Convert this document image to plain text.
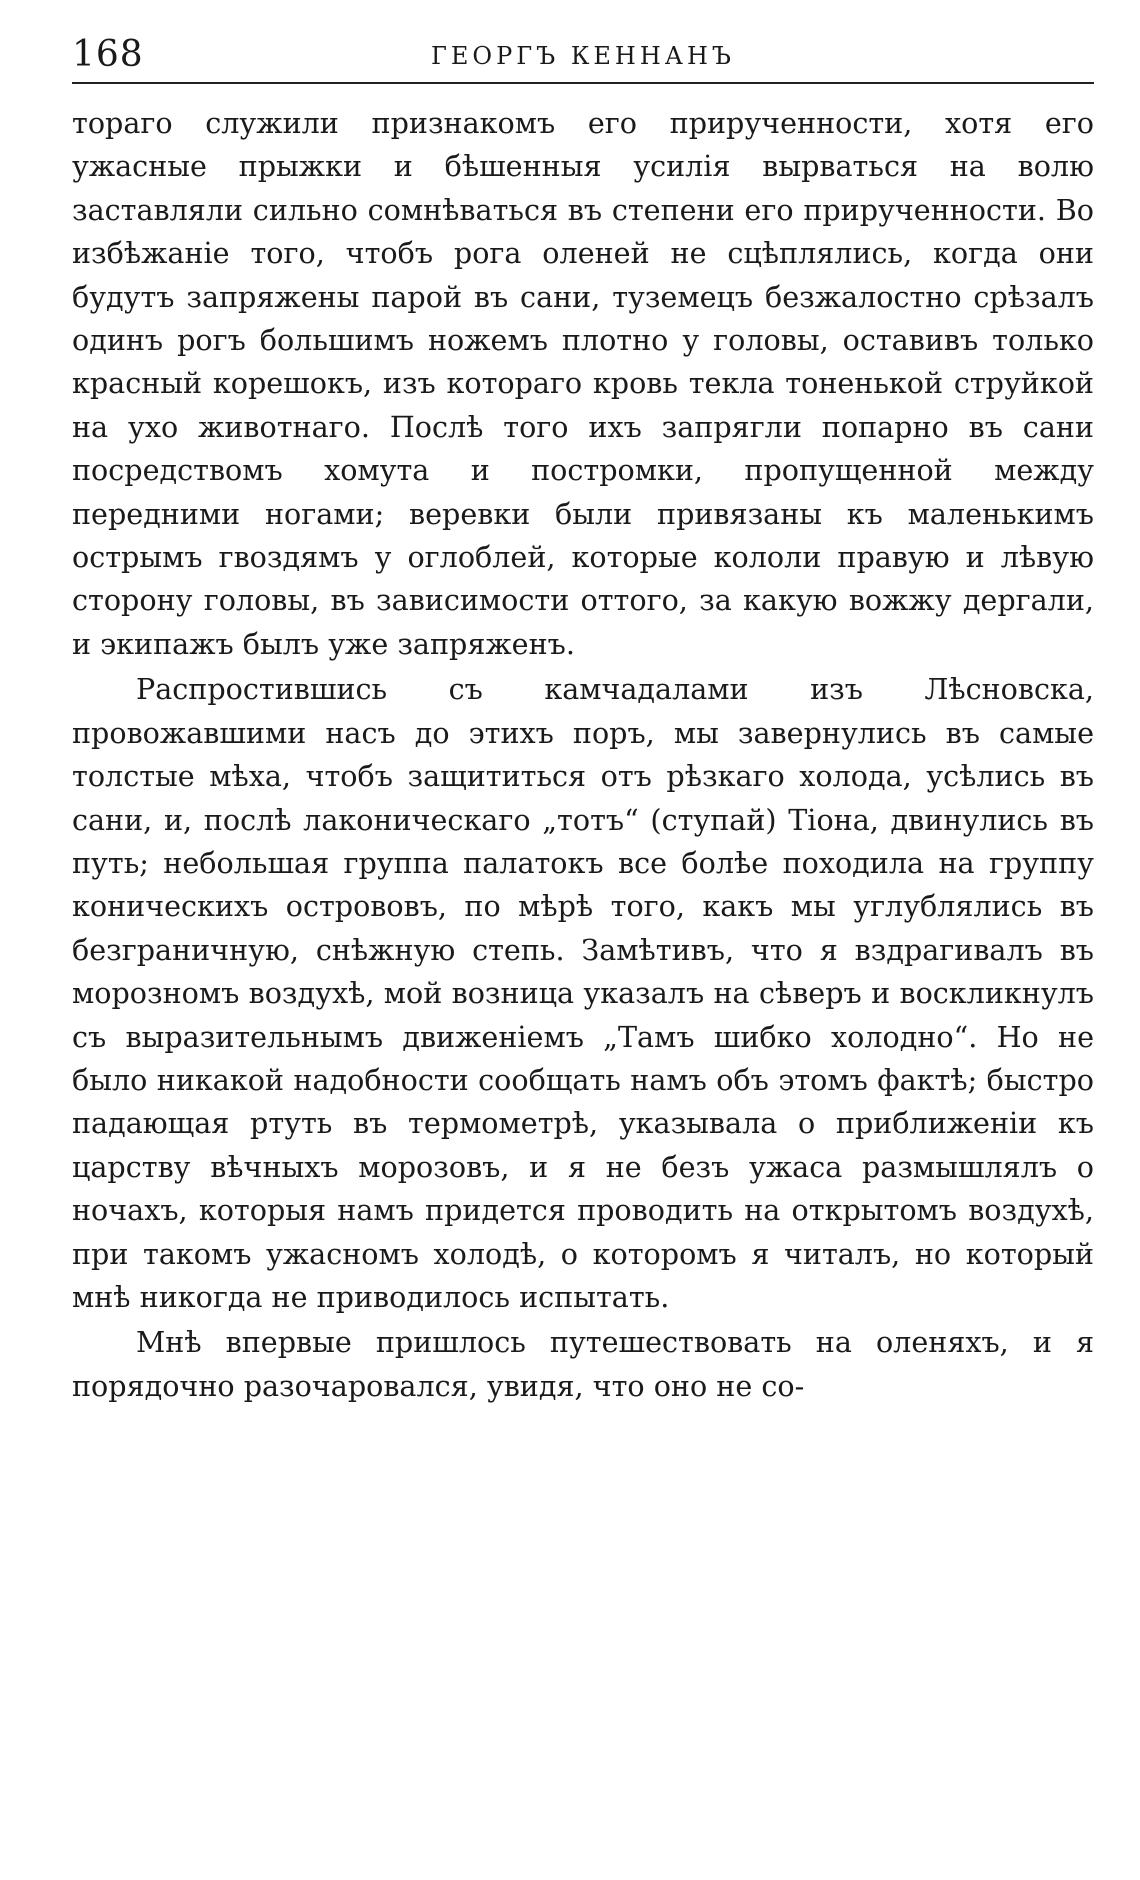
168	ГЕОРГЪ КЕННАНЪ

тораго служили признакомъ его прирученности, хотя его ужасные прыжки и бѣшенныя усилія вырваться на волю заставляли сильно сомнѣваться въ степени его прирученности. Во избѣжаніе того, чтобъ рога оленей не сцѣплялись, когда они будутъ запряжены парой въ сани, туземецъ безжалостно срѣзалъ одинъ рогъ большимъ ножемъ плотно у головы, оставивъ только красный корешокъ, изъ котораго кровь текла тоненькой струйкой на ухо животнаго. Послѣ того ихъ запрягли попарно въ сани посредствомъ хомута и постромки, пропущенной между передними ногами; веревки были привязаны къ маленькимъ острымъ гвоздямъ у оглоблей, которые кололи правую и лѣвую сторону головы, въ зависимости оттого, за какую вожжу дергали, и экипажъ былъ уже запряженъ.

Распростившись съ камчадалами изъ Лѣсновска, провожавшими насъ до этихъ поръ, мы завернулись въ самые толстые мѣха, чтобъ защититься отъ рѣзкаго холода, усѣлись въ сани, и, послѣ лаконическаго „тотъ“ (ступай) Тіона, двинулись въ путь; небольшая группа палатокъ все болѣе походила на группу коническихъ острововъ, по мѣрѣ того, какъ мы углублялись въ безграничную, снѣжную степь. Замѣтивъ, что я вздрагивалъ въ морозномъ воздухѣ, мой возница указалъ на сѣверъ и воскликнулъ съ выразительнымъ движеніемъ „Тамъ шибко холодно“. Но не было никакой надобности сообщать намъ объ этомъ фактѣ; быстро падающая ртуть въ термометрѣ, указывала о приближеніи къ царству вѣчныхъ морозовъ, и я не безъ ужаса размышлялъ о ночахъ, которыя намъ придется проводить на открытомъ воздухѣ, при такомъ ужасномъ холодѣ, о которомъ я читалъ, но который мнѣ никогда не приводилось испытать.

Мнѣ впервые пришлось путешествовать на оленяхъ, и я порядочно разочаровался, увидя, что оно не со-
